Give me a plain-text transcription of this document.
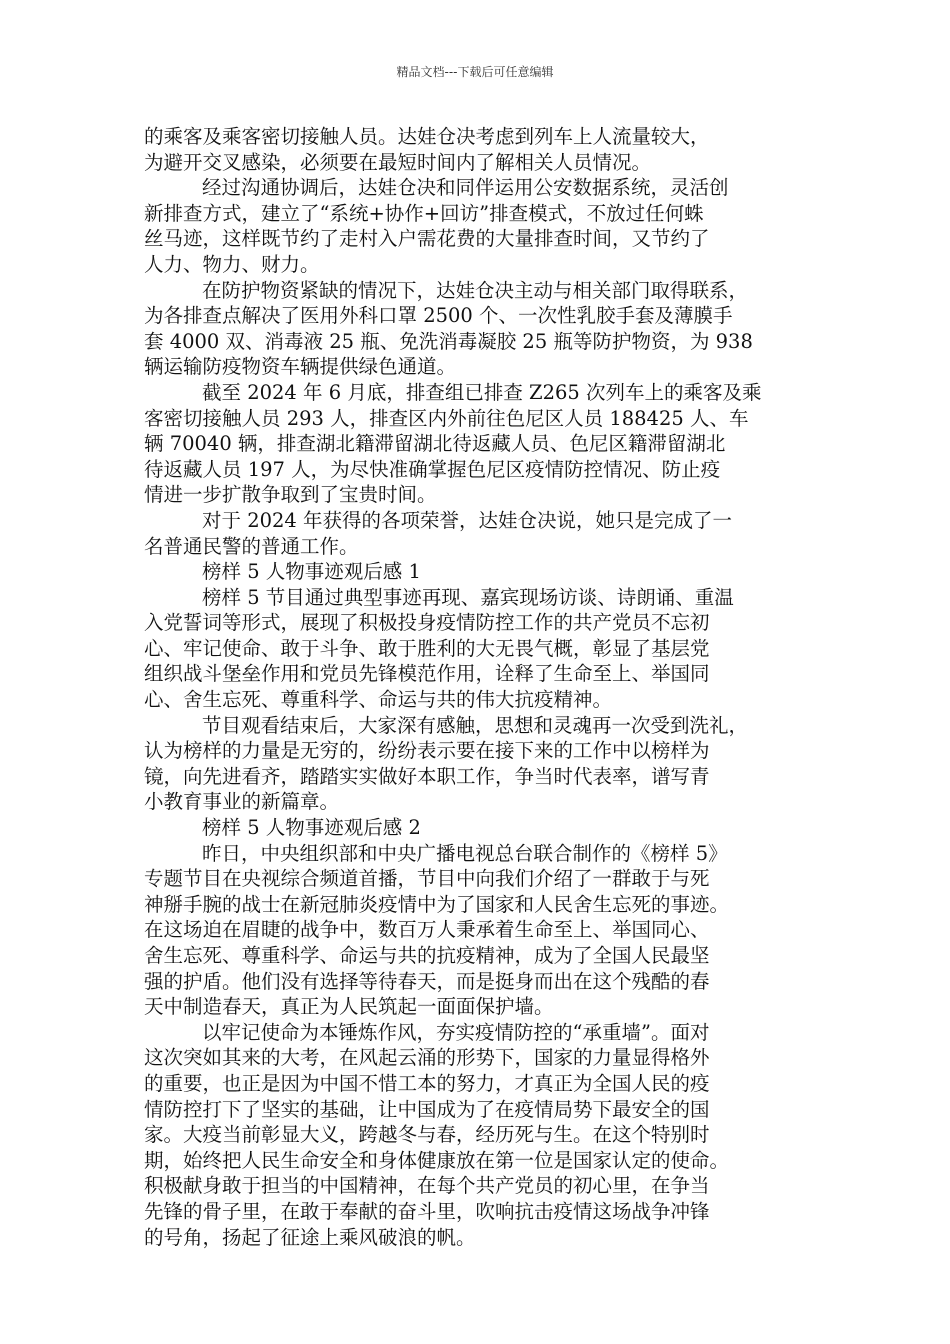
精品文档---下载后可任意编辑
的乘客及乘客密切接触人员。达娃仓决考虑到列车上人流量较大，
为避开交叉感染，必须要在最短时间内了解相关人员情况。
经过沟通协调后，达娃仓决和同伴运用公安数据系统，灵活创
新排查方式，建立了“系统+协作+回访”排查模式，不放过任何蛛
丝马迹，这样既节约了走村入户需花费的大量排查时间，又节约了
人力、物力、财力。
在防护物资紧缺的情况下，达娃仓决主动与相关部门取得联系，
为各排查点解决了医用外科口罩 2500 个、一次性乳胶手套及薄膜手
套 4000 双、消毒液 25 瓶、免洗消毒凝胶 25 瓶等防护物资，为 938
辆运输防疫物资车辆提供绿色通道。
截至 2024 年 6 月底，排查组已排查 Z265 次列车上的乘客及乘
客密切接触人员 293 人，排查区内外前往色尼区人员 188425 人、车
辆 70040 辆，排查湖北籍滞留湖北待返藏人员、色尼区籍滞留湖北
待返藏人员 197 人，为尽快准确掌握色尼区疫情防控情况、防止疫
情进一步扩散争取到了宝贵时间。
对于 2024 年获得的各项荣誉，达娃仓决说，她只是完成了一
名普通民警的普通工作。
榜样 5 人物事迹观后感 1
榜样 5 节目通过典型事迹再现、嘉宾现场访谈、诗朗诵、重温
入党誓词等形式，展现了积极投身疫情防控工作的共产党员不忘初
心、牢记使命、敢于斗争、敢于胜利的大无畏气概，彰显了基层党
组织战斗堡垒作用和党员先锋模范作用，诠释了生命至上、举国同
心、舍生忘死、尊重科学、命运与共的伟大抗疫精神。
节目观看结束后，大家深有感触，思想和灵魂再一次受到洗礼，
认为榜样的力量是无穷的，纷纷表示要在接下来的工作中以榜样为
镜，向先进看齐，踏踏实实做好本职工作，争当时代表率，谱写青
小教育事业的新篇章。
榜样 5 人物事迹观后感 2
昨日，中央组织部和中央广播电视总台联合制作的《榜样 5》
专题节目在央视综合频道首播，节目中向我们介绍了一群敢于与死
神掰手腕的战士在新冠肺炎疫情中为了国家和人民舍生忘死的事迹。
在这场迫在眉睫的战争中，数百万人秉承着生命至上、举国同心、
舍生忘死、尊重科学、命运与共的抗疫精神，成为了全国人民最坚
强的护盾。他们没有选择等待春天，而是挺身而出在这个残酷的春
天中制造春天，真正为人民筑起一面面保护墙。
以牢记使命为本锤炼作风，夯实疫情防控的“承重墙”。面对
这次突如其来的大考，在风起云涌的形势下，国家的力量显得格外
的重要，也正是因为中国不惜工本的努力，才真正为全国人民的疫
情防控打下了坚实的基础，让中国成为了在疫情局势下最安全的国
家。大疫当前彰显大义，跨越冬与春，经历死与生。在这个特别时
期，始终把人民生命安全和身体健康放在第一位是国家认定的使命。
积极献身敢于担当的中国精神，在每个共产党员的初心里，在争当
先锋的骨子里，在敢于奉献的奋斗里，吹响抗击疫情这场战争冲锋
的号角，扬起了征途上乘风破浪的帆。
